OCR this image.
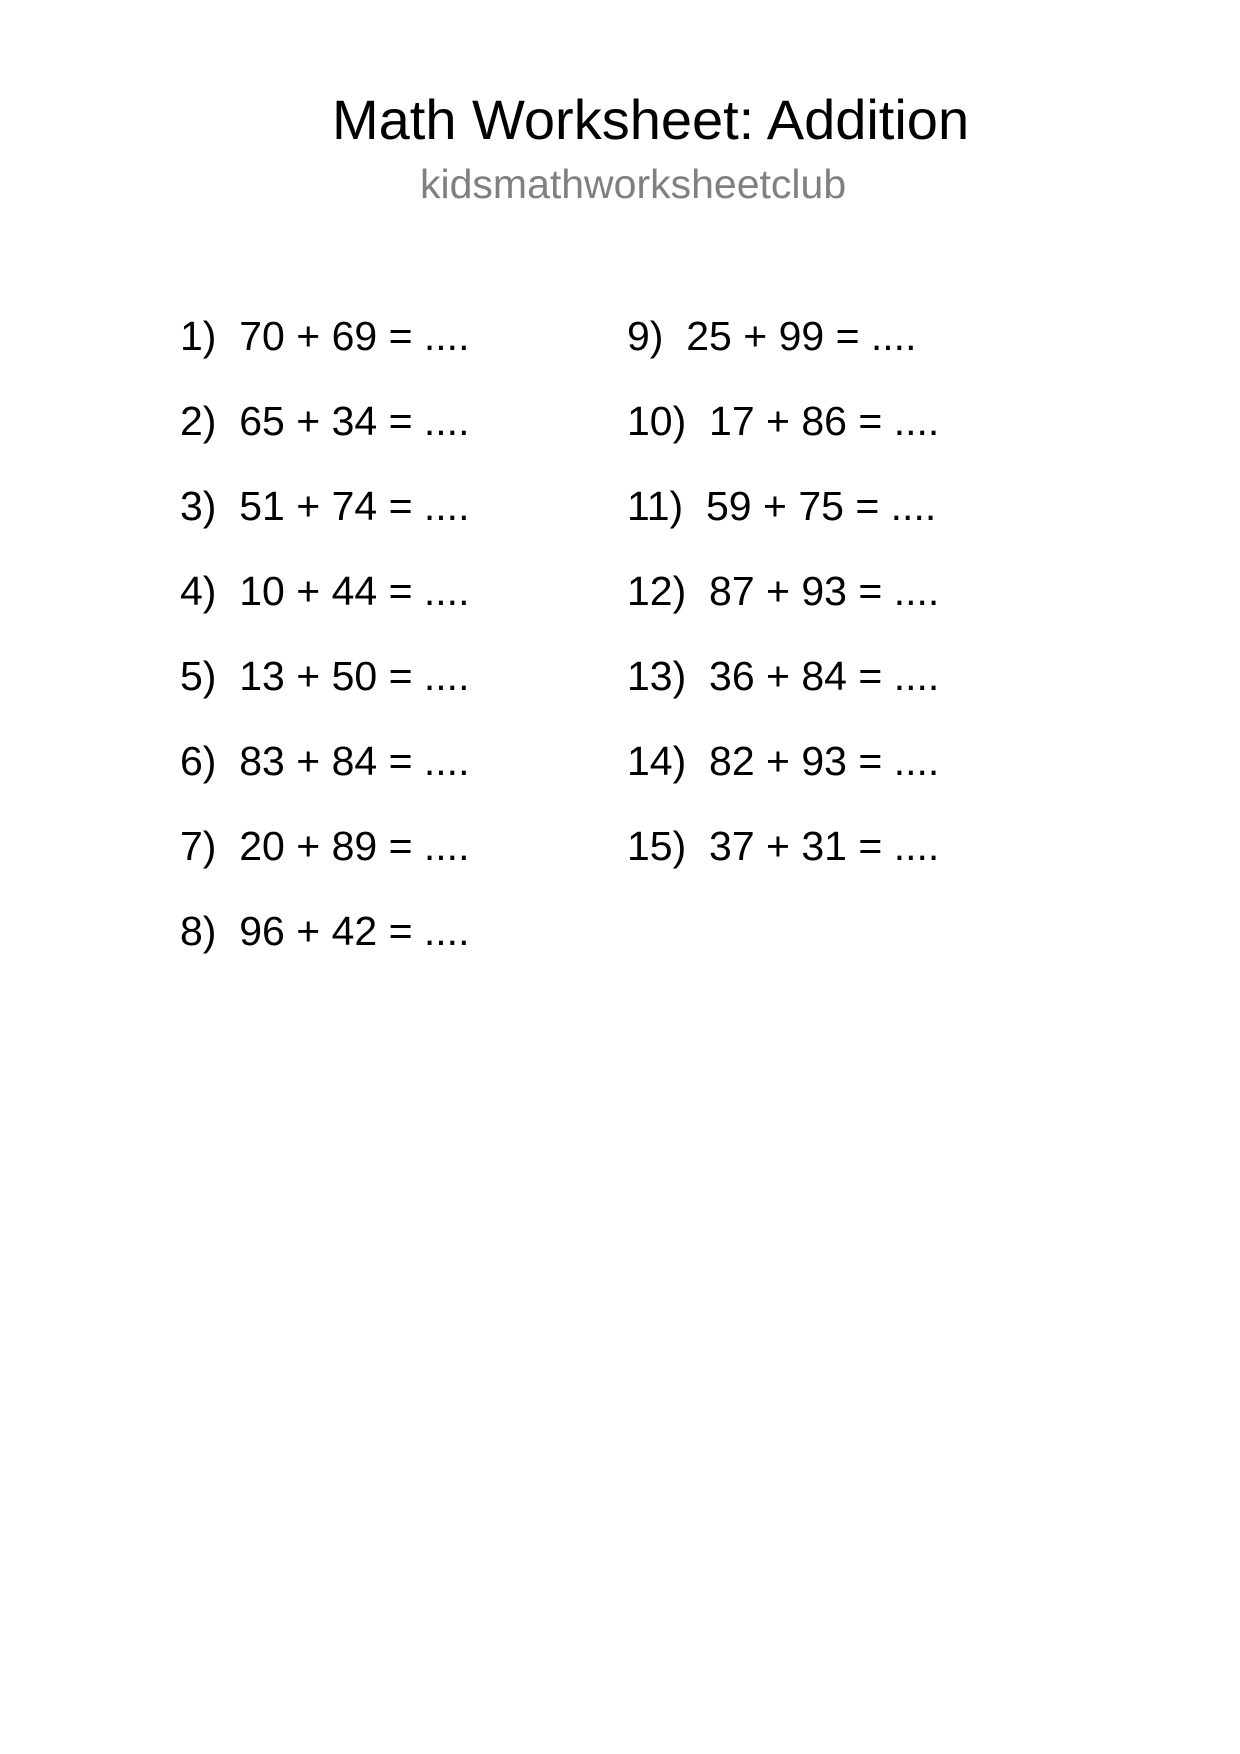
Math Worksheet: Addition
kidsmathworksheetclub
1)  70 + 69 = ....
2)  65 + 34 = ....
3)  51 + 74 = ....
4)  10 + 44 = ....
5)  13 + 50 = ....
6)  83 + 84 = ....
7)  20 + 89 = ....
8)  96 + 42 = ....
9)  25 + 99 = ....
10)  17 + 86 = ....
11)  59 + 75 = ....
12)  87 + 93 = ....
13)  36 + 84 = ....
14)  82 + 93 = ....
15)  37 + 31 = ....
